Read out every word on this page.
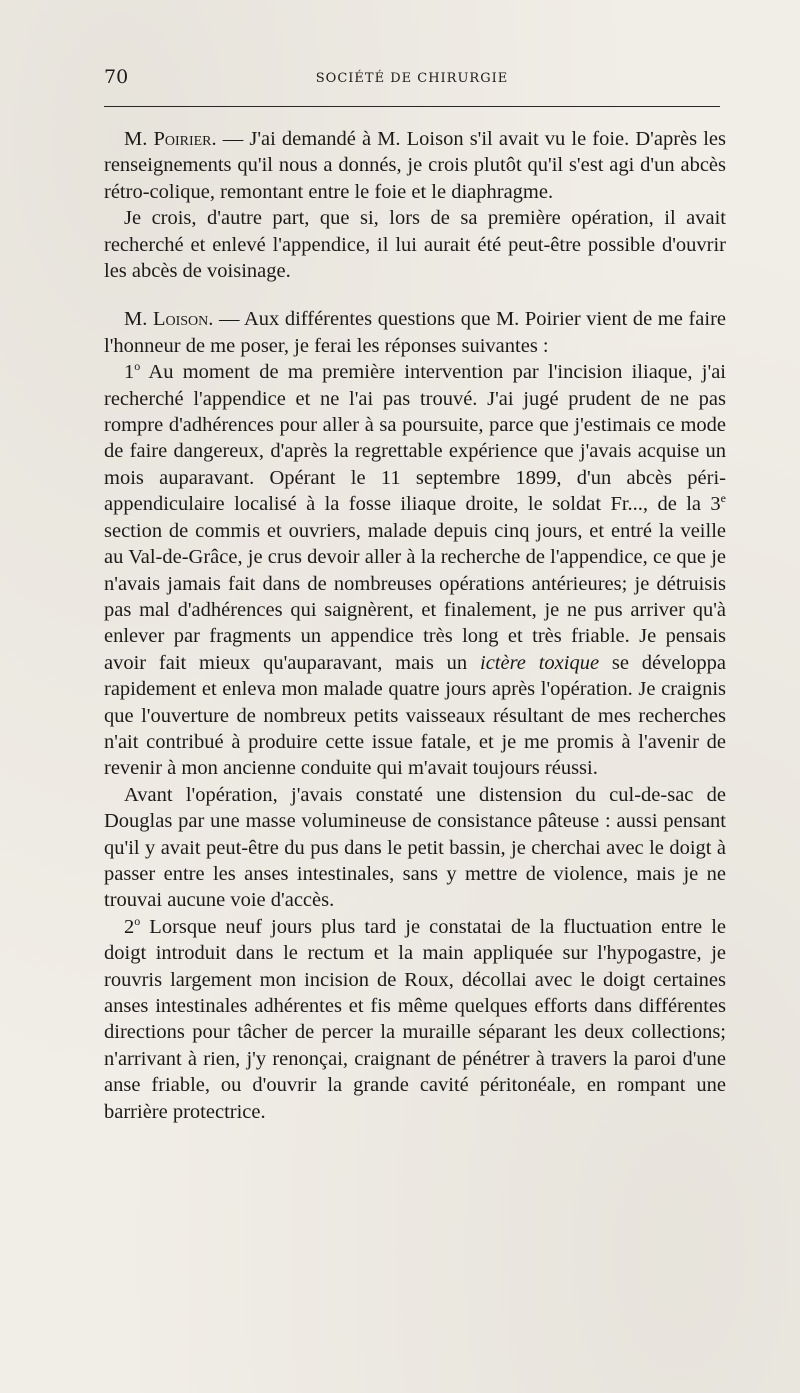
70	SOCIÉTÉ DE CHIRURGIE

M. Poirier. — J'ai demandé à M. Loison s'il avait vu le foie. D'après les renseignements qu'il nous a donnés, je crois plutôt qu'il s'est agi d'un abcès rétro-colique, remontant entre le foie et le diaphragme.

Je crois, d'autre part, que si, lors de sa première opération, il avait recherché et enlevé l'appendice, il lui aurait été peut-être possible d'ouvrir les abcès de voisinage.

M. Loison. — Aux différentes questions que M. Poirier vient de me faire l'honneur de me poser, je ferai les réponses suivantes :

1$^o$ Au moment de ma première intervention par l'incision iliaque, j'ai recherché l'appendice et ne l'ai pas trouvé. J'ai jugé prudent de ne pas rompre d'adhérences pour aller à sa poursuite, parce que j'estimais ce mode de faire dangereux, d'après la regrettable expérience que j'avais acquise un mois auparavant. Opérant le 11 septembre 1899, d'un abcès péri-appendiculaire localisé à la fosse iliaque droite, le soldat Fr..., de la 3e section de commis et ouvriers, malade depuis cinq jours, et entré la veille au Val-de-Grâce, je crus devoir aller à la recherche de l'appendice, ce que je n'avais jamais fait dans de nombreuses opérations antérieures; je détruisis pas mal d'adhérences qui saignèrent, et finalement, je ne pus arriver qu'à enlever par fragments un appendice très long et très friable. Je pensais avoir fait mieux qu'auparavant, mais un ictère toxique se développa rapidement et enleva mon malade quatre jours après l'opération. Je craignis que l'ouverture de nombreux petits vaisseaux résultant de mes recherches n'ait contribué à produire cette issue fatale, et je me promis à l'avenir de revenir à mon ancienne conduite qui m'avait toujours réussi.

Avant l'opération, j'avais constaté une distension du cul-de-sac de Douglas par une masse volumineuse de consistance pâteuse : aussi pensant qu'il y avait peut-être du pus dans le petit bassin, je cherchai avec le doigt à passer entre les anses intestinales, sans y mettre de violence, mais je ne trouvai aucune voie d'accès.

2$^o$ Lorsque neuf jours plus tard je constatai de la fluctuation entre le doigt introduit dans le rectum et la main appliquée sur l'hypogastre, je rouvris largement mon incision de Roux, décollai avec le doigt certaines anses intestinales adhérentes et fis même quelques efforts dans différentes directions pour tâcher de percer la muraille séparant les deux collections; n'arrivant à rien, j'y renonçai, craignant de pénétrer à travers la paroi d'une anse friable, ou d'ouvrir la grande cavité péritonéale, en rompant une barrière protectrice.
